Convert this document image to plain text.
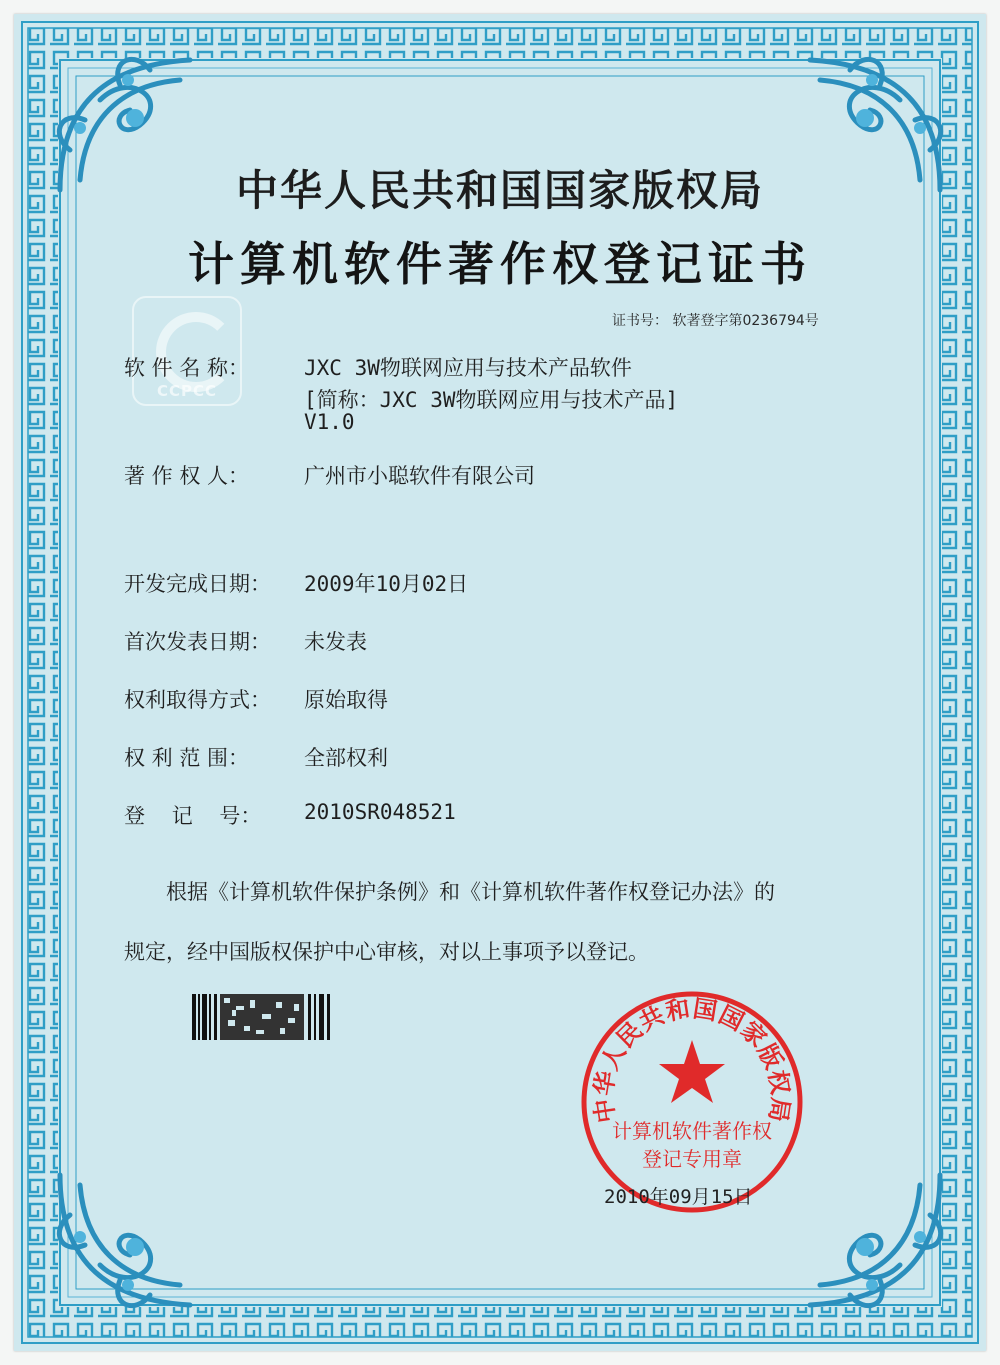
中华人民共和国国家版权局
计算机软件著作权登记证书
证书号： 软著登字第0236794号
CCPCC
软 件 名 称：	JXC 3W物联网应用与技术产品软件
[简称：JXC 3W物联网应用与技术产品]
V1.0
著 作 权 人：	广州市小聪软件有限公司
开发完成日期： 2009年10月02日
首次发表日期： 未发表
权利取得方式： 原始取得
权 利 范 围：	全部权利
登    记    号： 2010SR048521
根据《计算机软件保护条例》和《计算机软件著作权登记办法》的
规定，经中国版权保护中心审核，对以上事项予以登记。
中华人民共和国国家版权局
计算机软件著作权
登记专用章
2010年09月15日
